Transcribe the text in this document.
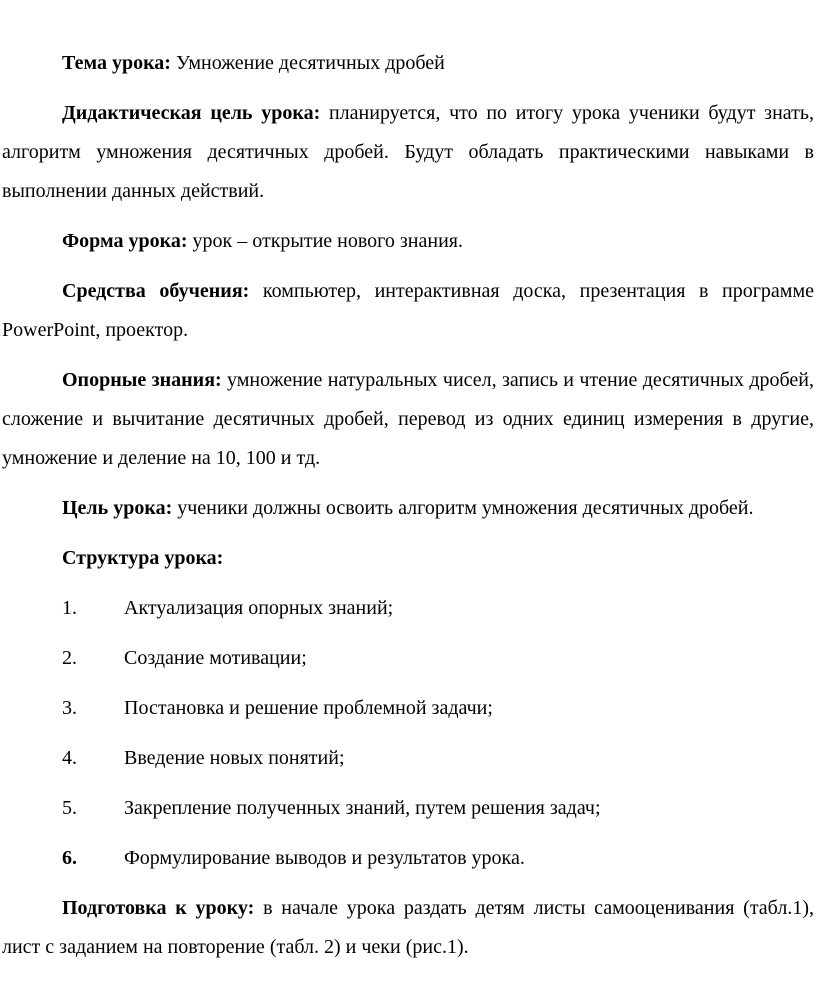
Тема урока: Умножение десятичных дробей

Дидактическая цель урока: планируется, что по итогу урока ученики будут знать, алгоритм умножения десятичных дробей. Будут обладать практическими навыками в выполнении данных действий.

Форма урока: урок – открытие нового знания.

Средства обучения: компьютер, интерактивная доска, презентация в программе PowerPoint, проектор.

Опорные знания: умножение натуральных чисел, запись и чтение десятичных дробей, сложение и вычитание десятичных дробей, перевод из одних единиц измерения в другие, умножение и деление на 10, 100 и тд.

Цель урока: ученики должны освоить алгоритм умножения десятичных дробей.

Структура урока:

1. Актуализация опорных знаний;
2. Создание мотивации;
3. Постановка и решение проблемной задачи;
4. Введение новых понятий;
5. Закрепление полученных знаний, путем решения задач;
6. Формулирование выводов и результатов урока.

Подготовка к уроку: в начале урока раздать детям листы самооценивания (табл.1), лист с заданием на повторение (табл. 2) и чеки (рис.1).
